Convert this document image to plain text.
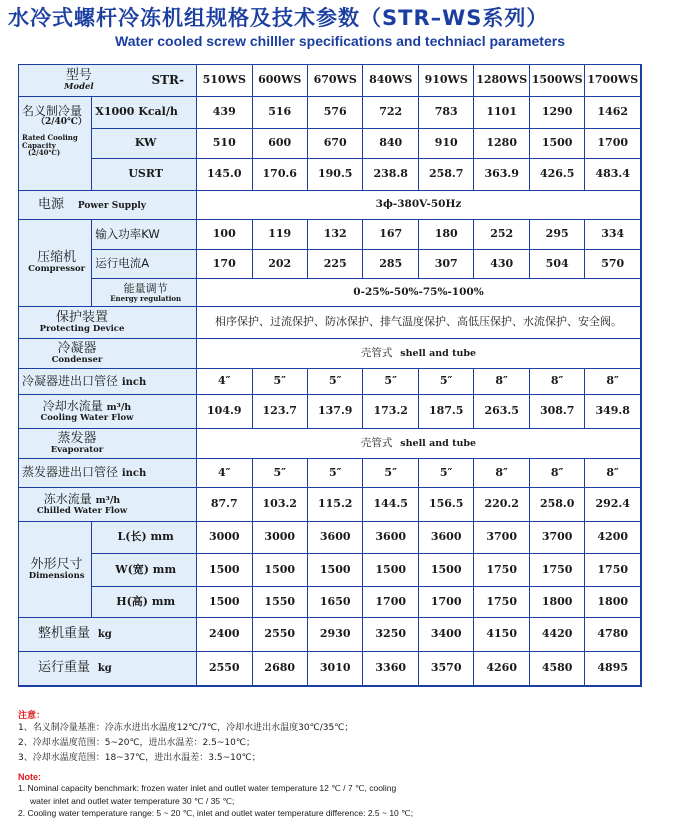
水冷式螺杆冷冻机组规格及技术参数（STR–WS系列）
Water cooled screw chilller specifications and techniacl parameters
型号
Model
STR-		510WS	600WS	670WS	840WS	910WS	1280WS	1500WS	1700WS
名义制冷量
（2/40℃）
Rated Cooling Capacity
(2/40℃)	X1000 Kcal/h	439	516	576	722	783	1101	1290	1462
	KW	510	600	670	840	910	1280	1500	1700
	USRT	145.0	170.6	190.5	238.8	258.7	363.9	426.5	483.4
电源 Power Supply		3ϕ-380V-50Hz							

压缩机
Compressor	输入功率KW	100	119	132	167	180	252	295	334
	运行电流A	170	202	225	285	307	430	504	570

	能量调节
Energy regulation	0-25%-50%-75%-100%							

保护装置
Protecting Device		相序保护、过流保护、防冰保护、排气温度保护、高低压保护、水流保护、安全阀。							

冷凝器
Condenser		壳管式 shell and tube							
冷凝器进出口管径 inch		4″	5″	5″	5″	5″	8″	8″	8″

冷却水流量 m³/h
Cooling Water Flow		104.9	123.7	137.9	173.2	187.5	263.5	308.7	349.8

蒸发器
Evaporator		壳管式 shell and tube							
蒸发器进出口管径 inch		4″	5″	5″	5″	5″	8″	8″	8″

冻水流量 m³/h
Chilled Water Flow		87.7	103.2	115.2	144.5	156.5	220.2	258.0	292.4

外形尺寸
Dimensions	L(长) mm	3000	3000	3600	3600	3600	3700	3700	4200
	W(宽) mm	1500	1500	1500	1500	1500	1750	1750	1750
	H(高) mm	1500	1550	1650	1700	1700	1750	1800	1800
整机重量 kg		2400	2550	2930	3250	3400	4150	4420	4780
运行重量 kg		2550	2680	3010	3360	3570	4260	4580	4895
注意：
1、名义制冷量基准：冷冻水进出水温度12℃/7℃，冷却水进出水温度30℃/35℃；
2、冷却水温度范围：5~20℃，进出水温差：2.5~10℃；
3、冷却水温度范围：18~37℃，进出水温差：3.5~10℃；
Note:
1. Nominal capacity benchmark: frozen water inlet and outlet water temperature 12 ℃ / 7 ℃, cooling
water inlet and outlet water temperature 30 ℃ / 35 ℃;
2. Cooling water temperature range: 5 ~ 20 ℃, inlet and outlet water temperature difference: 2.5 ~ 10 ℃;
